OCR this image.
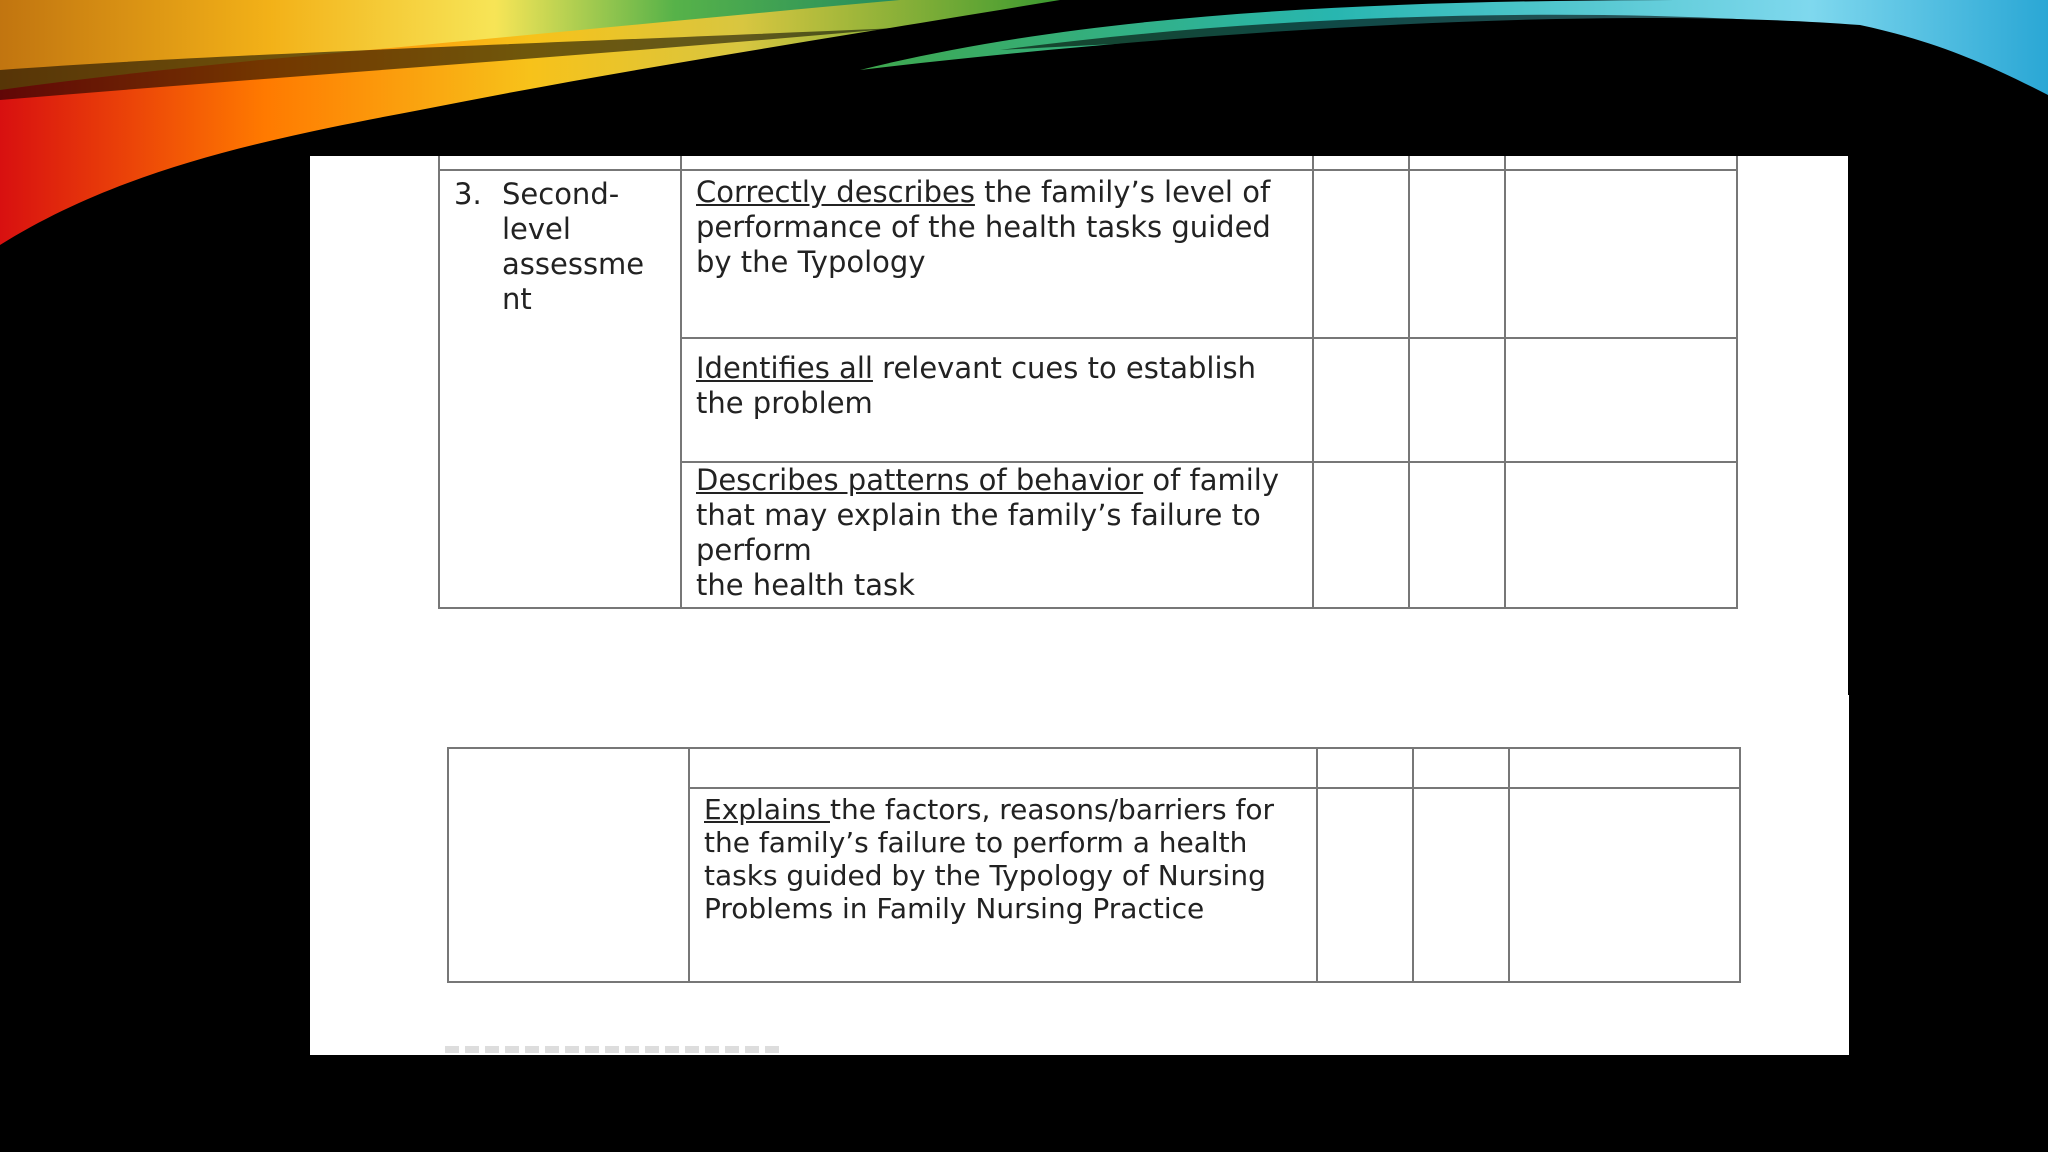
3. Second-
level
assessme
nt	Correctly describes the family’s level of performance of the health tasks guided by the Typology			

	Identifies all relevant cues to establish the problem			

	Describes patterns of behavior of family that may explain the family’s failure to perform
the health task			

	Explains the factors, reasons/barriers for the family’s failure to perform a health tasks guided by the Typology of Nursing Problems in Family Nursing Practice			
